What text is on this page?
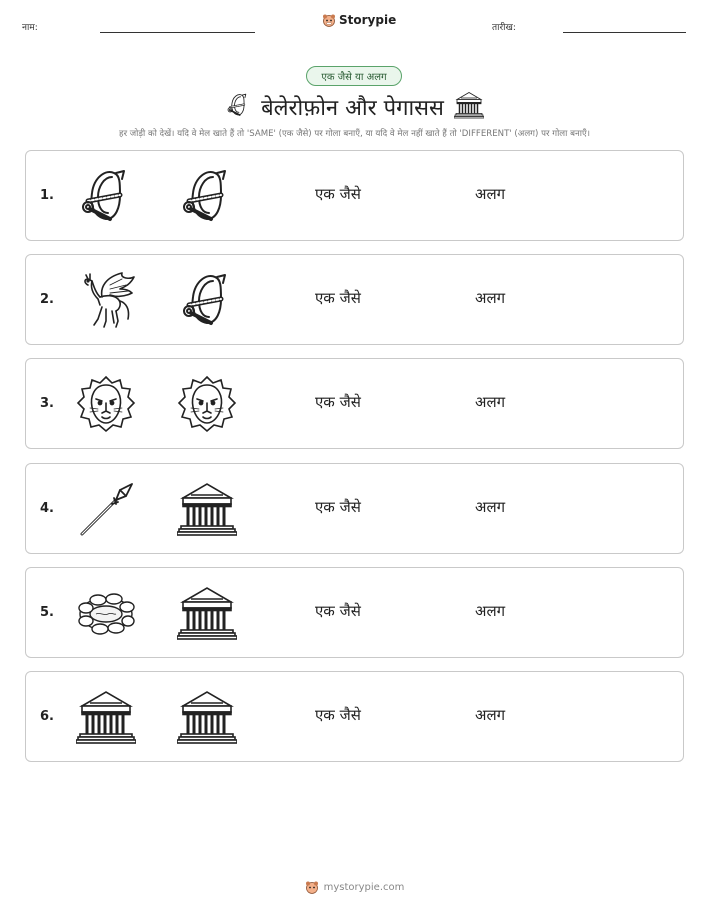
नाम:
Storypie
तारीख:
एक जैसे या अलग
बेलेरोफ़ोन और पेगासस
हर जोड़ी को देखें। यदि वे मेल खाते हैं तो 'SAME' (एक जैसे) पर गोला बनाएँ, या यदि वे मेल नहीं खाते हैं तो 'DIFFERENT' (अलग) पर गोला बनाएँ।
1.	एक जैसे	अलग
2.	एक जैसे	अलग
3.	एक जैसे	अलग
4.	एक जैसे	अलग
5.	एक जैसे	अलग
6.	एक जैसे	अलग
mystorypie.com
